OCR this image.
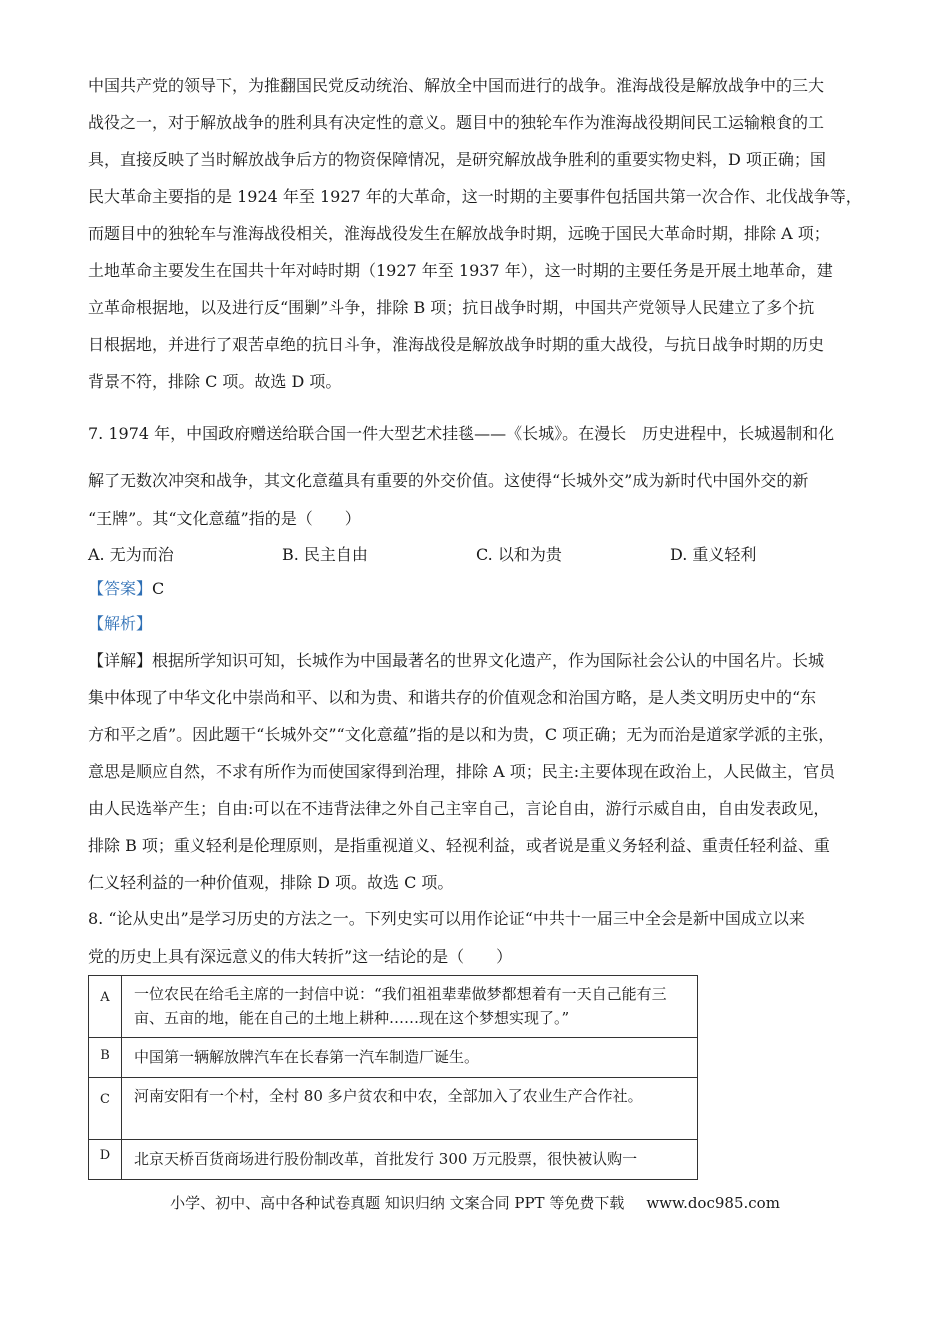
中国共产党的领导下，为推翻国民党反动统治、解放全中国而进行的战争。淮海战役是解放战争中的三大
战役之一，对于解放战争的胜利具有决定性的意义。题目中的独轮车作为淮海战役期间民工运输粮食的工
具，直接反映了当时解放战争后方的物资保障情况，是研究解放战争胜利的重要实物史料，D 项正确；国
民大革命主要指的是 1924 年至 1927 年的大革命，这一时期的主要事件包括国共第一次合作、北伐战争等，
而题目中的独轮车与淮海战役相关，淮海战役发生在解放战争时期，远晚于国民大革命时期，排除 A 项；
土地革命主要发生在国共十年对峙时期（1927 年至 1937 年），这一时期的主要任务是开展土地革命，建
立革命根据地，以及进行反“围剿”斗争，排除 B 项；抗日战争时期，中国共产党领导人民建立了多个抗
日根据地，并进行了艰苦卓绝的抗日斗争，淮海战役是解放战争时期的重大战役，与抗日战争时期的历史
背景不符，排除 C 项。故选 D 项。
7. 1974 年，中国政府赠送给联合国一件大型艺术挂毯——《长城》。在漫长　历史进程中，长城遏制和化
解了无数次冲突和战争，其文化意蕴具有重要的外交价值。这使得“长城外交”成为新时代中国外交的新
“王牌”。其“文化意蕴”指的是（　　）
A. 无为而治	B. 民主自由	C. 以和为贵	D. 重义轻利
【答案】C
【解析】
【详解】根据所学知识可知，长城作为中国最著名的世界文化遗产，作为国际社会公认的中国名片。长城
集中体现了中华文化中崇尚和平、以和为贵、和谐共存的价值观念和治国方略，是人类文明历史中的“东
方和平之盾”。因此题干“长城外交”“文化意蕴”指的是以和为贵，C 项正确；无为而治是道家学派的主张，
意思是顺应自然，不求有所作为而使国家得到治理，排除 A 项；民主:主要体现在政治上，人民做主，官员
由人民选举产生；自由:可以在不违背法律之外自己主宰自己，言论自由，游行示威自由，自由发表政见，
排除 B 项；重义轻利是伦理原则，是指重视道义、轻视利益，或者说是重义务轻利益、重责任轻利益、重
仁义轻利益的一种价值观，排除 D 项。故选 C 项。
8. “论从史出”是学习历史的方法之一。下列史实可以用作论证“中共十一届三中全会是新中国成立以来
党的历史上具有深远意义的伟大转折”这一结论的是（　　）
A	一位农民在给毛主席的一封信中说：“我们祖祖辈辈做梦都想着有一天自己能有三亩、五亩的地，能在自己的土地上耕种……现在这个梦想实现了。”
B	中国第一辆解放牌汽车在长春第一汽车制造厂诞生。
C	河南安阳有一个村，全村 80 多户贫农和中农，全部加入了农业生产合作社。
D	北京天桥百货商场进行股份制改革，首批发行 300 万元股票，很快被认购一
小学、初中、高中各种试卷真题 知识归纳 文案合同 PPT 等免费下载 www.doc985.com
